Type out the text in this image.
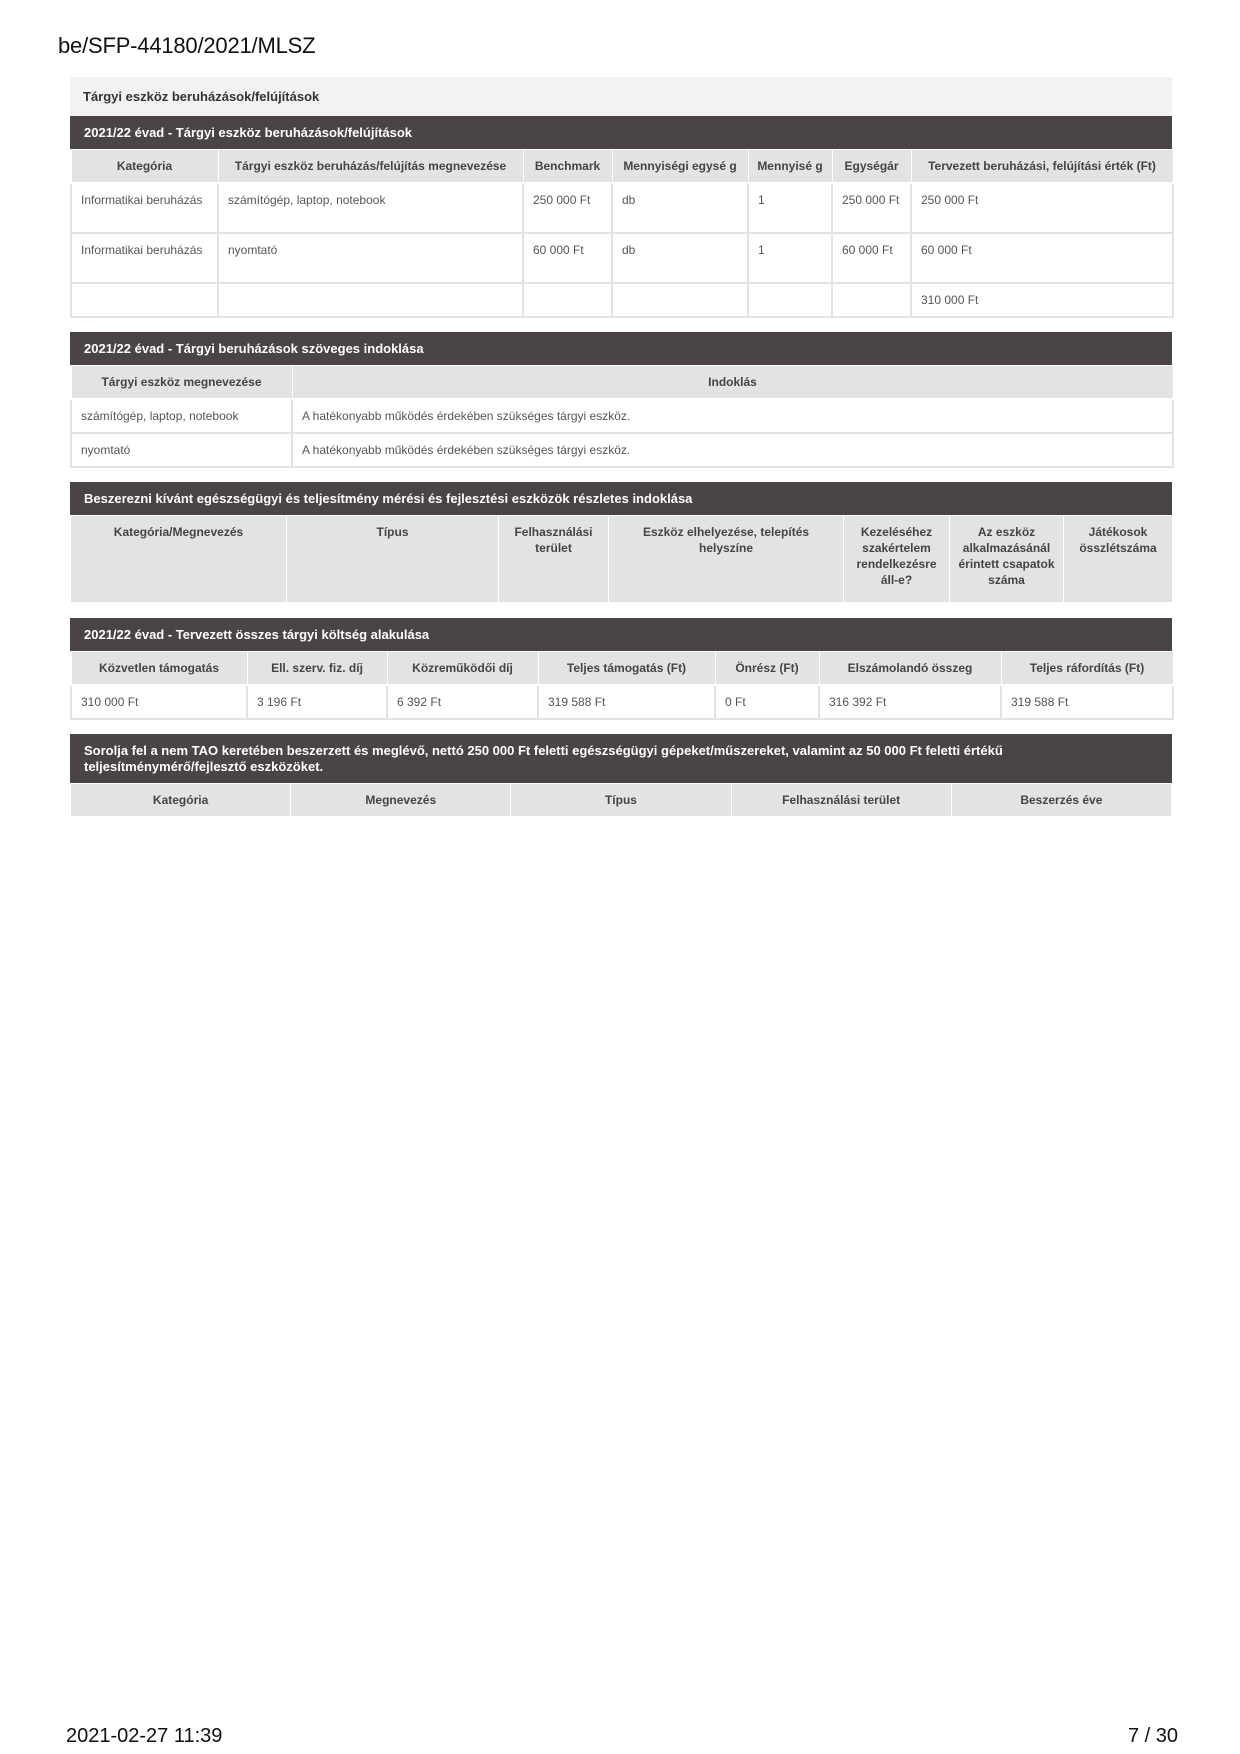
be/SFP-44180/2021/MLSZ
Tárgyi eszköz beruházások/felújítások
2021/22 évad - Tárgyi eszköz beruházások/felújítások
Kategória	Tárgyi eszköz beruházás/felújítás megnevezése	Benchmark	Mennyiségi egysé g	Mennyisé g	Egységár	Tervezett beruházási, felújítási érték (Ft)
Informatikai beruházás	számítógép, laptop, notebook	250 000 Ft	db	1	250 000 Ft	250 000 Ft
Informatikai beruházás	nyomtató	60 000 Ft	db	1	60 000 Ft	60 000 Ft
						310 000 Ft
2021/22 évad - Tárgyi beruházások szöveges indoklása
Tárgyi eszköz megnevezése	Indoklás
számítógép, laptop, notebook	A hatékonyabb működés érdekében szükséges tárgyi eszköz.
nyomtató	A hatékonyabb működés érdekében szükséges tárgyi eszköz.
Beszerezni kívánt egészségügyi és teljesítmény mérési és fejlesztési eszközök részletes indoklása
Kategória/Megnevezés	Típus	Felhasználási terület	Eszköz elhelyezése, telepítés helyszíne	Kezeléséhez szakértelem rendelkezésre áll-e?	Az eszköz alkalmazásánál érintett csapatok száma	Játékosok összlétszáma
2021/22 évad - Tervezett összes tárgyi költség alakulása
Közvetlen támogatás	Ell. szerv. fiz. díj	Közreműködői díj	Teljes támogatás (Ft)	Önrész (Ft)	Elszámolandó összeg	Teljes ráfordítás (Ft)
310 000 Ft	3 196 Ft	6 392 Ft	319 588 Ft	0 Ft	316 392 Ft	319 588 Ft
Sorolja fel a nem TAO keretében beszerzett és meglévő, nettó 250 000 Ft feletti egészségügyi gépeket/műszereket, valamint az 50 000 Ft feletti értékű teljesítménymérő/fejlesztő eszközöket.
Kategória	Megnevezés	Típus	Felhasználási terület	Beszerzés éve
2021-02-27 11:39	7 / 30
